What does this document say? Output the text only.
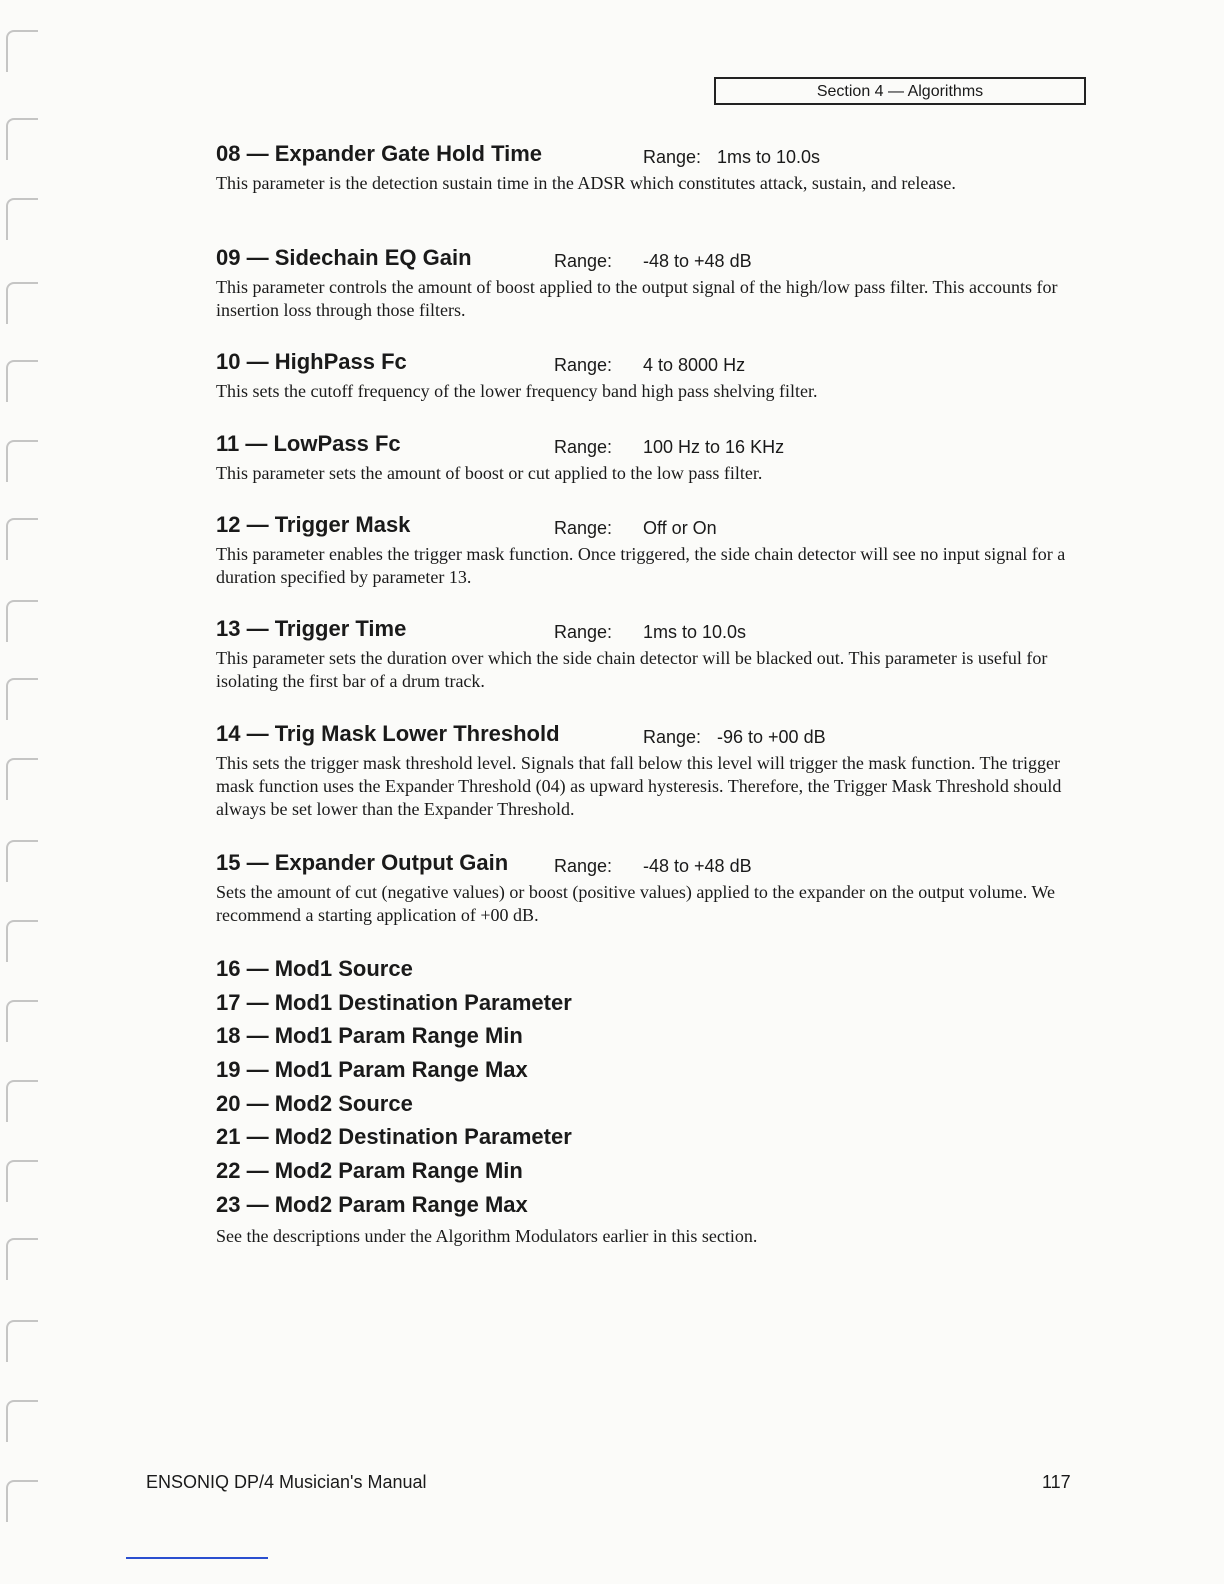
Section 4 — Algorithms
08 — Expander Gate Hold Time	Range: 1ms to 10.0s

This parameter is the detection sustain time in the ADSR which constitutes attack, sustain, and release.

09 — Sidechain EQ Gain	Range: -48 to +48 dB

This parameter controls the amount of boost applied to the output signal of the high/low pass filter. This accounts for insertion loss through those filters.

10 — HighPass Fc	Range: 4 to 8000 Hz

This sets the cutoff frequency of the lower frequency band high pass shelving filter.

11 — LowPass Fc	Range: 100 Hz to 16 KHz

This parameter sets the amount of boost or cut applied to the low pass filter.

12 — Trigger Mask	Range: Off or On

This parameter enables the trigger mask function. Once triggered, the side chain detector will see no input signal for a duration specified by parameter 13.

13 — Trigger Time	Range: 1ms to 10.0s

This parameter sets the duration over which the side chain detector will be blacked out. This parameter is useful for isolating the first bar of a drum track.

14 — Trig Mask Lower Threshold	Range: -96 to +00 dB

This sets the trigger mask threshold level. Signals that fall below this level will trigger the mask function. The trigger mask function uses the Expander Threshold (04) as upward hysteresis. Therefore, the Trigger Mask Threshold should always be set lower than the Expander Threshold.

15 — Expander Output Gain	Range: -48 to +48 dB

Sets the amount of cut (negative values) or boost (positive values) applied to the expander on the output volume. We recommend a starting application of +00 dB.

16 — Mod1 Source
17 — Mod1 Destination Parameter
18 — Mod1 Param Range Min
19 — Mod1 Param Range Max
20 — Mod2 Source
21 — Mod2 Destination Parameter
22 — Mod2 Param Range Min
23 — Mod2 Param Range Max
See the descriptions under the Algorithm Modulators earlier in this section.
ENSONIQ DP/4 Musician's Manual	117
